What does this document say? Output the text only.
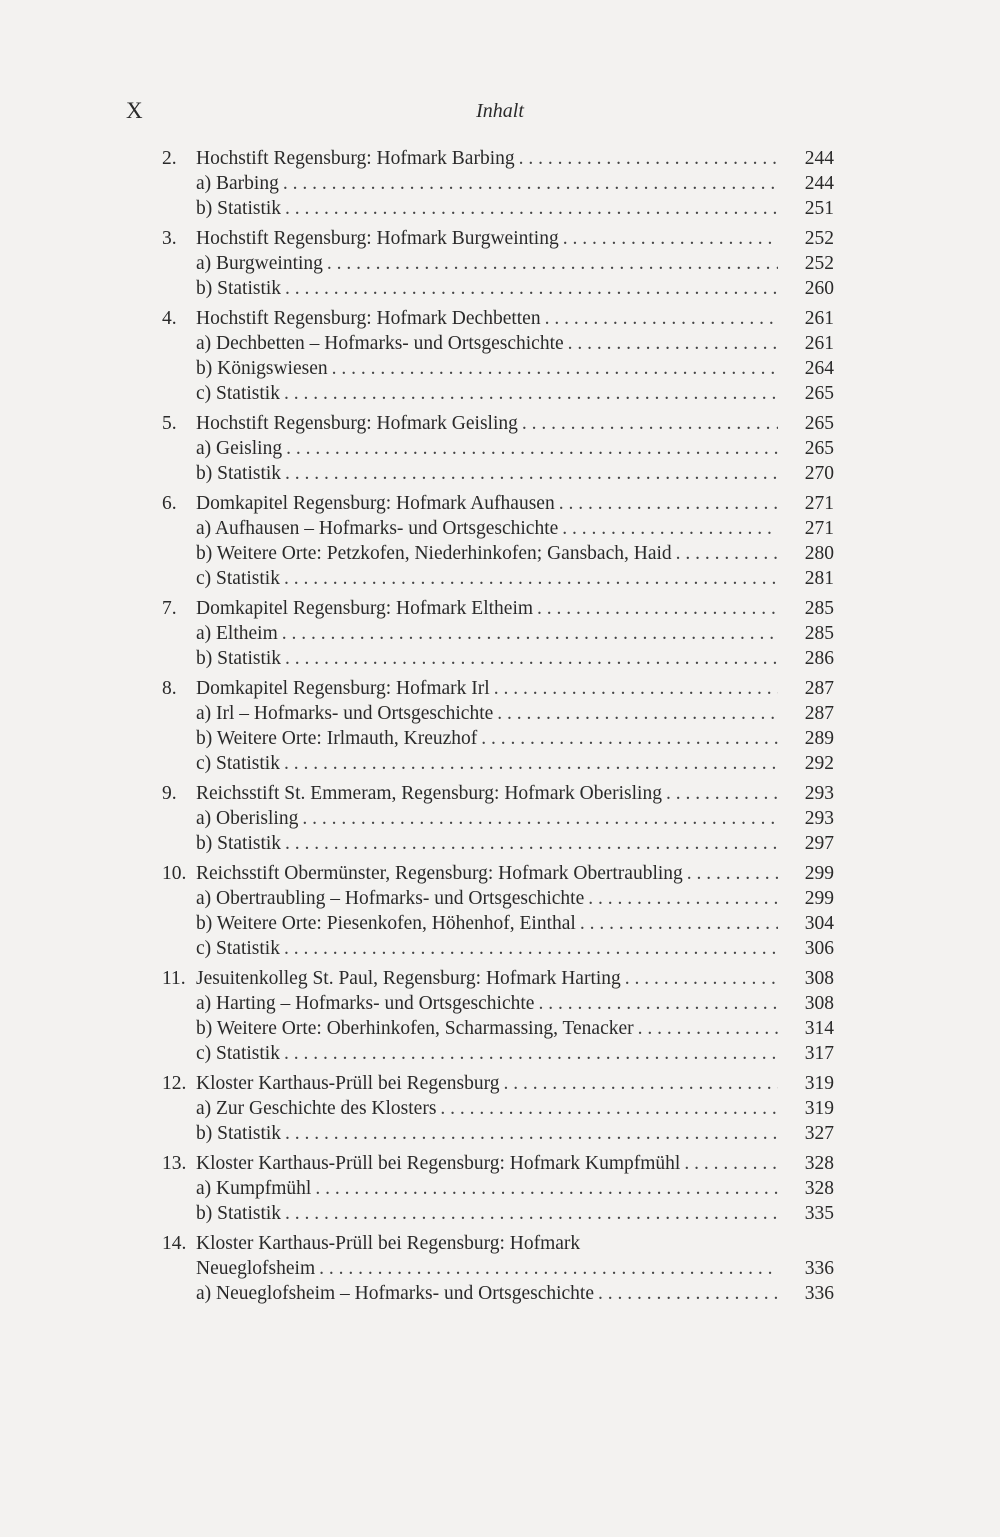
X	Inhalt
2. Hochstift Regensburg: Hofmark Barbing . . .	244
a) Barbing . . .	244
b) Statistik . . .	251
3. Hochstift Regensburg: Hofmark Burgweinting . . .	252
a) Burgweinting . . .	252
b) Statistik . . .	260
4. Hochstift Regensburg: Hofmark Dechbetten . . .	261
a) Dechbetten – Hofmarks- und Ortsgeschichte . . .	261
b) Königswiesen . . .	264
c) Statistik . . .	265
5. Hochstift Regensburg: Hofmark Geisling . . .	265
a) Geisling . . .	265
b) Statistik . . .	270
6. Domkapitel Regensburg: Hofmark Aufhausen . . .	271
a) Aufhausen – Hofmarks- und Ortsgeschichte . . .	271
b) Weitere Orte: Petzkofen, Niederhinkofen; Gansbach, Haid . . .	280
c) Statistik . . .	281
7. Domkapitel Regensburg: Hofmark Eltheim . . .	285
a) Eltheim . . .	285
b) Statistik . . .	286
8. Domkapitel Regensburg: Hofmark Irl . . .	287
a) Irl – Hofmarks- und Ortsgeschichte . . .	287
b) Weitere Orte: Irlmauth, Kreuzhof . . .	289
c) Statistik . . .	292
9. Reichsstift St. Emmeram, Regensburg: Hofmark Oberisling . . .	293
a) Oberisling . . .	293
b) Statistik . . .	297
10. Reichsstift Obermünster, Regensburg: Hofmark Obertraubling . . .	299
a) Obertraubling – Hofmarks- und Ortsgeschichte . . .	299
b) Weitere Orte: Piesenkofen, Höhenhof, Einthal . . .	304
c) Statistik . . .	306
11. Jesuitenkolleg St. Paul, Regensburg: Hofmark Harting . . .	308
a) Harting – Hofmarks- und Ortsgeschichte . . .	308
b) Weitere Orte: Oberhinkofen, Scharmassing, Tenacker . . .	314
c) Statistik . . .	317
12. Kloster Karthaus-Prüll bei Regensburg . . .	319
a) Zur Geschichte des Klosters . . .	319
b) Statistik . . .	327
13. Kloster Karthaus-Prüll bei Regensburg: Hofmark Kumpfmühl . . .	328
a) Kumpfmühl . . .	328
b) Statistik . . .	335
14. Kloster Karthaus-Prüll bei Regensburg: Hofmark
Neueglofsheim . . .	336
a) Neueglofsheim – Hofmarks- und Ortsgeschichte . . .	336
